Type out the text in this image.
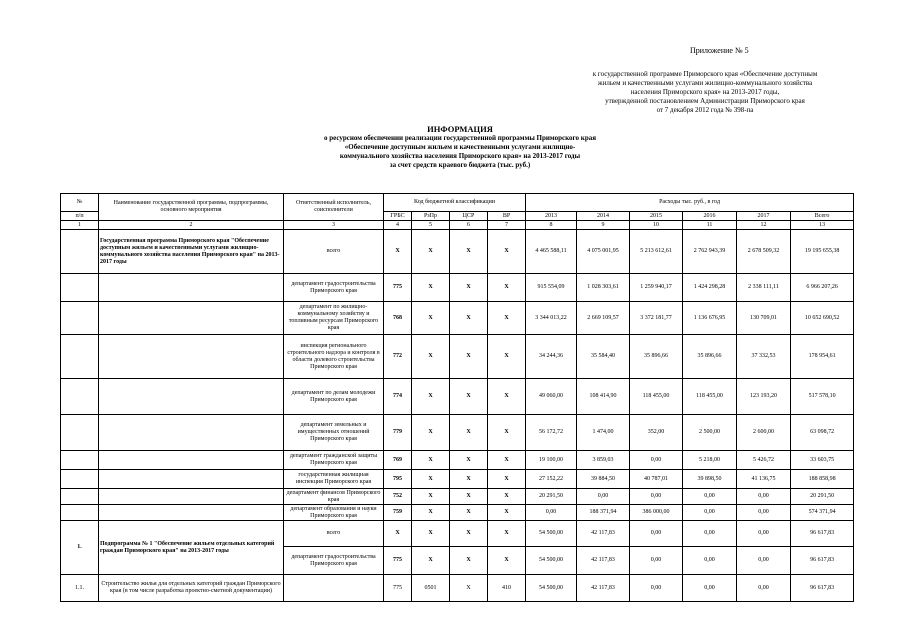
Приложение № 5
к государственной программе Приморского края «Обеспечение доступным
жильем и качественными услугами жилищно-коммунального хозяйства
населения Приморского края» на 2013-2017 годы,
утвержденной постановлением Администрации Приморского края
от 7 декабря 2012 года № 398-па
ИНФОРМАЦИЯ
о ресурсном обеспечении реализации государственной программы Приморского края
«Обеспечение доступным жильем и качественными услугами жилищно-
коммунального хозяйства населения Приморского края» на 2013-2017 годы
за счет средств краевого бюджета (тыс. руб.)
№	Наименование государственной программы, подпрограммы, основного мероприятия	Ответственный исполнитель, соисполнители	Код бюджетной классификации				Расходы тыс. руб., в год					
п/п			ГРБС	РзПр	ЦСР	ВР	2013	2014	2015	2016	2017	Всего
1	2	3	4	5	6	7	8	9	10	11	12	13
	Государственная программа Приморского края "Обеспечение доступным жильем и качественными услугами жилищно-коммунального хозяйства населения Приморского края" на 2013-2017 годы	всего	X	X	X	X	4 465 588,11	4 075 001,95	5 213 612,61	2 762 943,39	2 678 509,32	19 195 655,38
		департамент градостроительства Приморского края	775	X	X	X	915 554,09	1 028 303,61	1 259 940,17	1 424 298,28	2 338 111,11	6 966 207,26
		департамент по жилищно-коммунальному хозяйству и топливным ресурсам Приморского края	768	X	X	X	3 344 013,22	2 669 109,57	3 372 181,77	1 136 676,95	130 709,01	10 652 690,52
		инспекция регионального строительного надзора и контроля в области долевого строительства Приморского края	772	X	X	X	34 244,36	35 584,40	35 896,66	35 896,66	37 332,53	178 954,61
		департамент по делам молодежи Приморского края	774	X	X	X	49 060,00	108 414,90	118 455,00	118 455,00	123 193,20	517 578,10
		департамент земельных и имущественных отношений Приморского края	779	X	X	X	56 172,72	1 474,00	352,00	2 500,00	2 600,00	63 098,72
		департамент гражданской защиты Приморского края	769	X	X	X	19 100,00	3 859,03	0,00	5 218,00	5 426,72	33 603,75
		государственная жилищная инспекция Приморского края	795	X	X	X	27 152,22	39 884,50	40 787,01	39 898,50	41 136,75	188 858,98
		департамент финансов Приморского края	752	X	X	X	20 291,50	0,00	0,00	0,00	0,00	20 291,50
		департамент образования и науки Приморского края	759	X	X	X	0,00	188 371,94	386 000,00	0,00	0,00	574 371,94
1.	Подпрограмма № 1 "Обеспечение жильем отдельных категорий граждан Приморского края" на 2013-2017 годы	всего	X	X	X	X	54 500,00	42 117,83	0,00	0,00	0,00	96 617,83
		департамент градостроительства Приморского края	775	X	X	X	54 500,00	42 117,83	0,00	0,00	0,00	96 617,83
1.1.	Строительство жилья для отдельных категорий граждан Приморского края (в том числе разработка проектно-сметной документации)		775	0501	X	410	54 500,00	42 117,83	0,00	0,00	0,00	96 617,83
